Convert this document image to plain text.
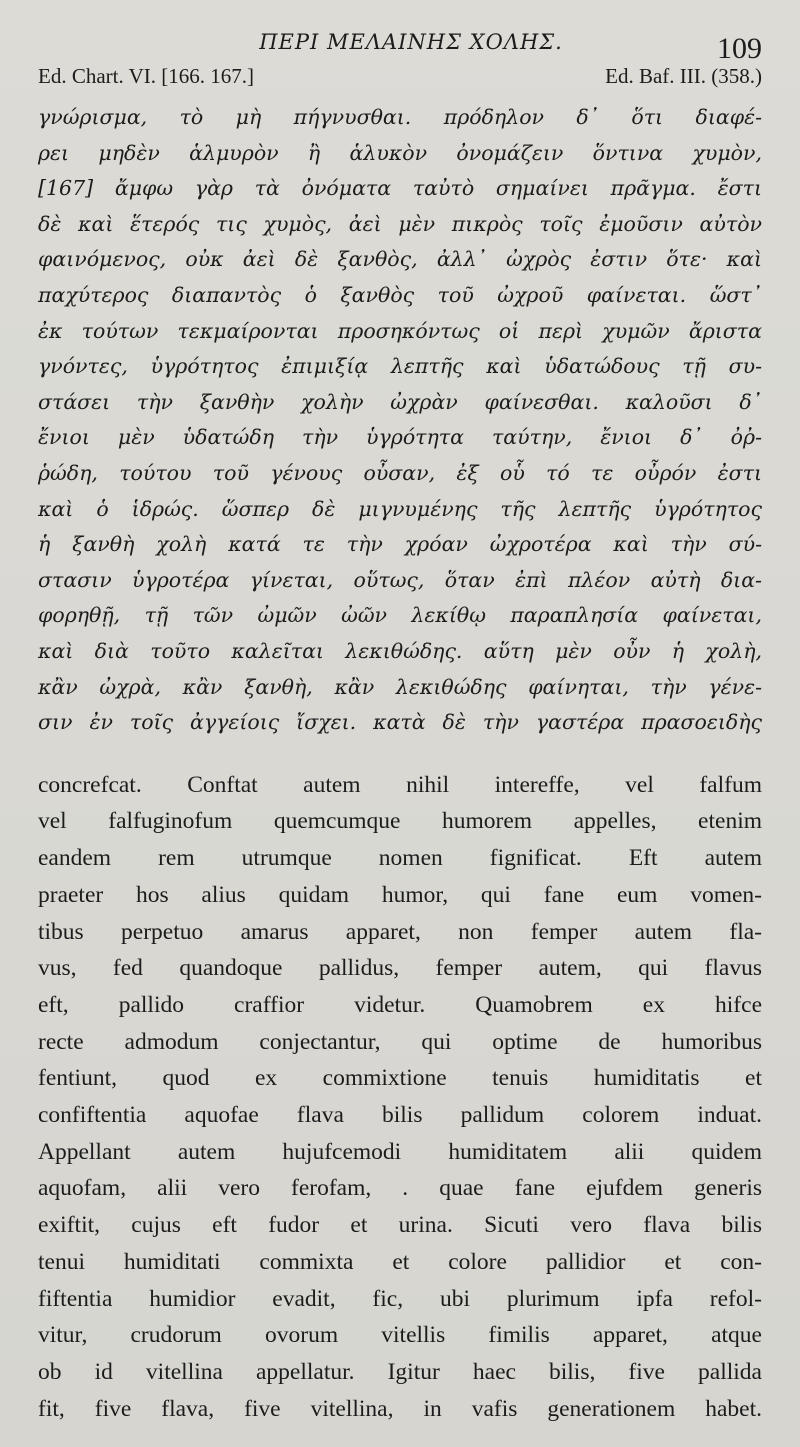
ΠΕΡΙ ΜΕΛΑΙΝΗΣ ΧΟΛΗΣ.	109
Ed. Chart. VI. [166. 167.]	Ed. Baf. III. (358.)
γνώρισμα, τὸ μὴ πήγνυσθαι. πρόδηλον δ᾽ ὅτι διαφέ-
ρει μηδὲν ἁλμυρὸν ἢ ἁλυκὸν ὀνομάζειν ὅντινα χυμὸν,
[167] ἄμφω γὰρ τὰ ὀνόματα ταὐτὸ σημαίνει πρᾶγμα. ἔστι
δὲ καὶ ἕτερός τις χυμὸς, ἀεὶ μὲν πικρὸς τοῖς ἐμοῦσιν αὐτὸν
φαινόμενος, οὐκ ἀεὶ δὲ ξανθὸς, ἀλλ᾽ ὠχρὸς ἐστιν ὅτε· καὶ
παχύτερος διαπαντὸς ὁ ξανθὸς τοῦ ὠχροῦ φαίνεται. ὥστ᾽
ἐκ τούτων τεκμαίρονται προσηκόντως οἱ περὶ χυμῶν ἄριστα
γνόντες, ὑγρότητος ἐπιμιξίᾳ λεπτῆς καὶ ὑδατώδους τῇ συ-
στάσει τὴν ξανθὴν χολὴν ὠχρὰν φαίνεσθαι. καλοῦσι δ᾽
ἔνιοι μὲν ὑδατώδη τὴν ὑγρότητα ταύτην, ἔνιοι δ᾽ ὀῤ-
ῥώδη, τούτου τοῦ γένους οὖσαν, ἐξ οὗ τό τε οὖρόν ἐστι
καὶ ὁ ἱδρώς. ὥσπερ δὲ μιγνυμένης τῆς λεπτῆς ὑγρότητος
ἡ ξανθὴ χολὴ κατά τε τὴν χρόαν ὠχροτέρα καὶ τὴν σύ-
στασιν ὑγροτέρα γίνεται, οὕτως, ὅταν ἐπὶ πλέον αὐτὴ δια-
φορηθῇ, τῇ τῶν ὠμῶν ὠῶν λεκίθῳ παραπλησία φαίνεται,
καὶ διὰ τοῦτο καλεῖται λεκιθώδης. αὕτη μὲν οὖν ἡ χολὴ,
κἂν ὠχρὰ, κἂν ξανθὴ, κἂν λεκιθώδης φαίνηται, τὴν γένε-
σιν ἐν τοῖς ἀγγείοις ἴσχει. κατὰ δὲ τὴν γαστέρα πρασοειδὴς
concrefcat. Conftat autem nihil intereffe, vel falfum
vel falfuginofum quemcumque humorem appelles, etenim
eandem rem utrumque nomen fignificat. Eft autem
praeter hos alius quidam humor, qui fane eum vomen-
tibus perpetuo amarus apparet, non femper autem fla-
vus, fed quandoque pallidus, femper autem, qui flavus
eft, pallido craffior videtur. Quamobrem ex hifce
recte admodum conjectantur, qui optime de humoribus
fentiunt, quod ex commixtione tenuis humiditatis et
confiftentia aquofae flava bilis pallidum colorem induat.
Appellant autem hujufcemodi humiditatem alii quidem
aquofam, alii vero ferofam, . quae fane ejufdem generis
exiftit, cujus eft fudor et urina. Sicuti vero flava bilis
tenui humiditati commixta et colore pallidior et con-
fiftentia humidior evadit, fic, ubi plurimum ipfa refol-
vitur, crudorum ovorum vitellis fimilis apparet, atque
ob id vitellina appellatur. Igitur haec bilis, five pallida
fit, five flava, five vitellina, in vafis generationem habet.
